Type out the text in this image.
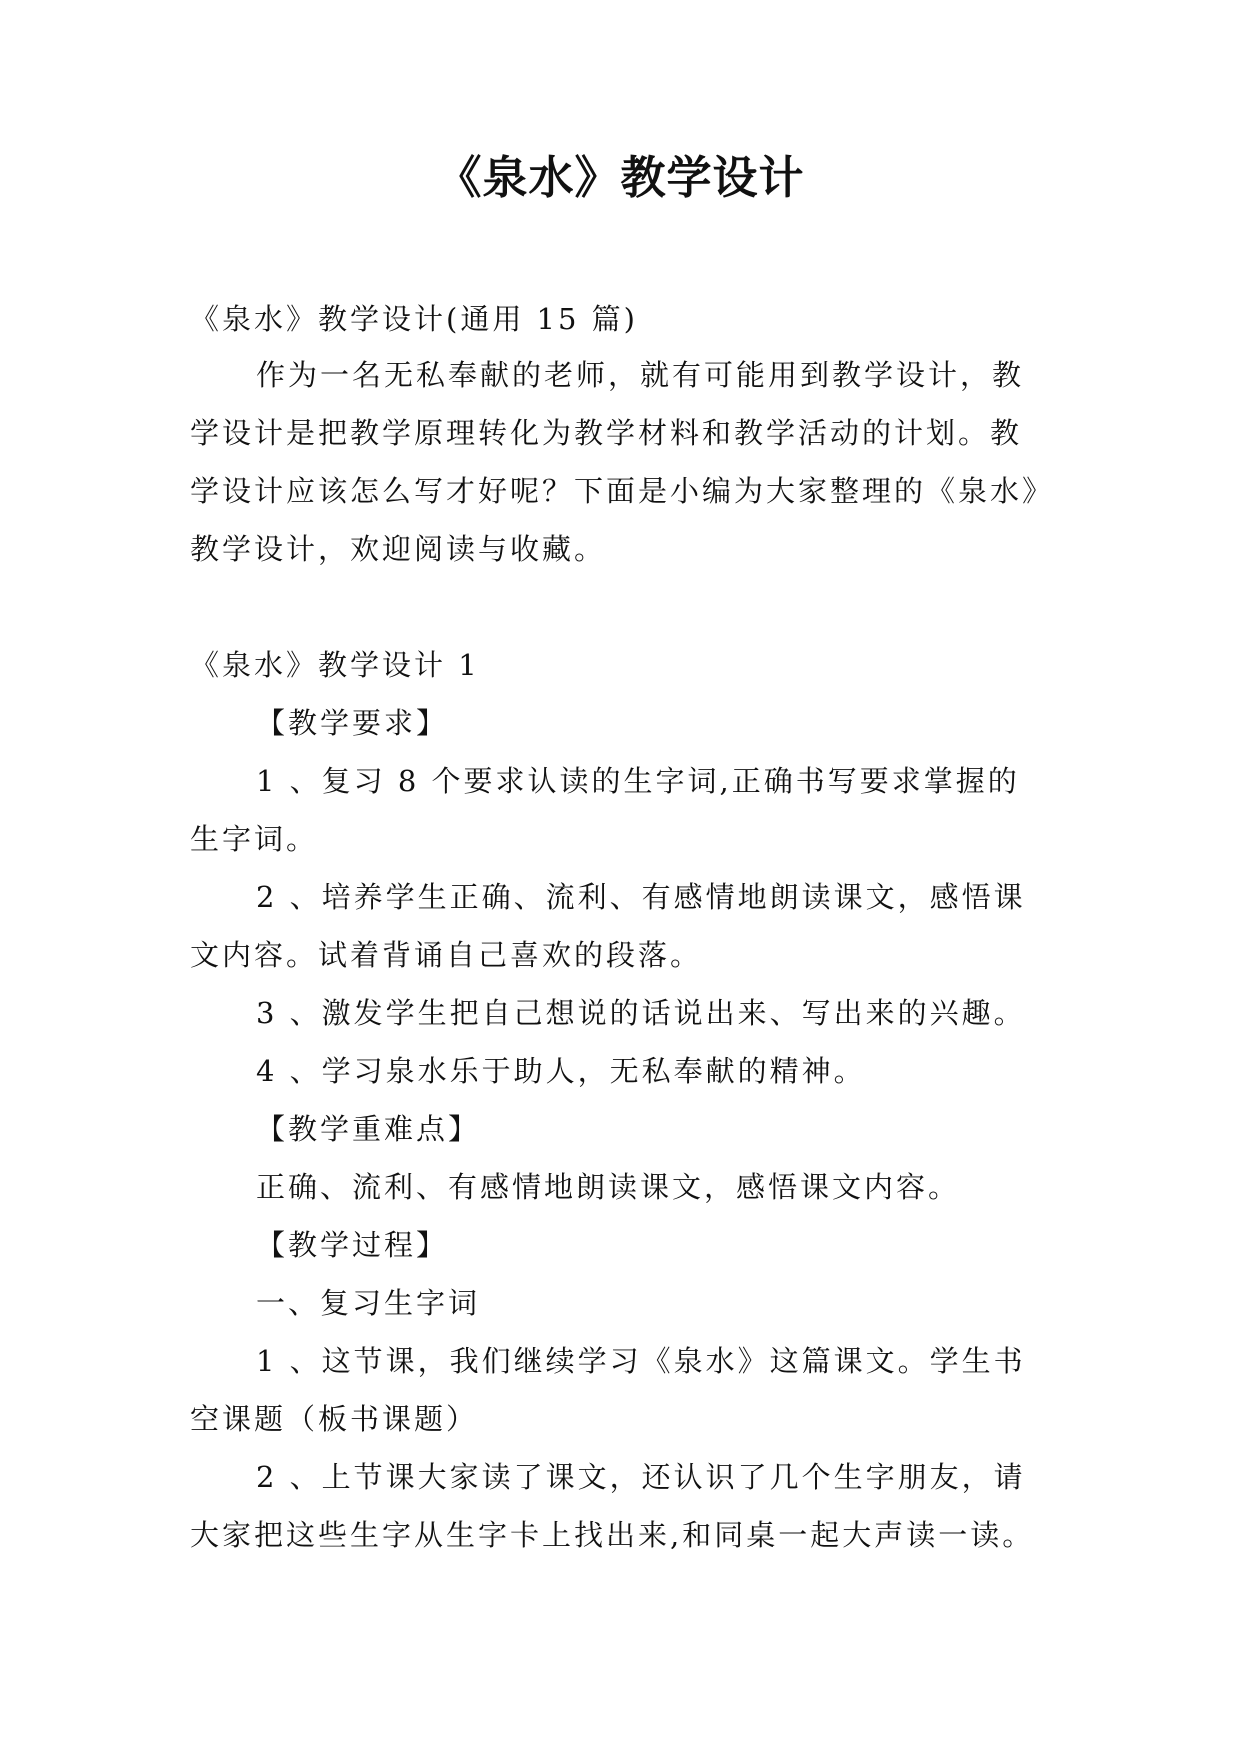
《泉水》教学设计
《泉水》教学设计(通用 15 篇)
作为一名无私奉献的老师，就有可能用到教学设计，教
学设计是把教学原理转化为教学材料和教学活动的计划。教
学设计应该怎么写才好呢？下面是小编为大家整理的《泉水》
教学设计，欢迎阅读与收藏。
《泉水》教学设计 1
【教学要求】
1 、复习 8 个要求认读的生字词,正确书写要求掌握的
生字词。
2 、培养学生正确、流利、有感情地朗读课文，感悟课
文内容。试着背诵自己喜欢的段落。
3 、激发学生把自己想说的话说出来、写出来的兴趣。
4 、学习泉水乐于助人，无私奉献的精神。
【教学重难点】
正确、流利、有感情地朗读课文，感悟课文内容。
【教学过程】
一、复习生字词
1 、这节课，我们继续学习《泉水》这篇课文。学生书
空课题（板书课题）
2 、上节课大家读了课文，还认识了几个生字朋友，请
大家把这些生字从生字卡上找出来,和同桌一起大声读一读。
